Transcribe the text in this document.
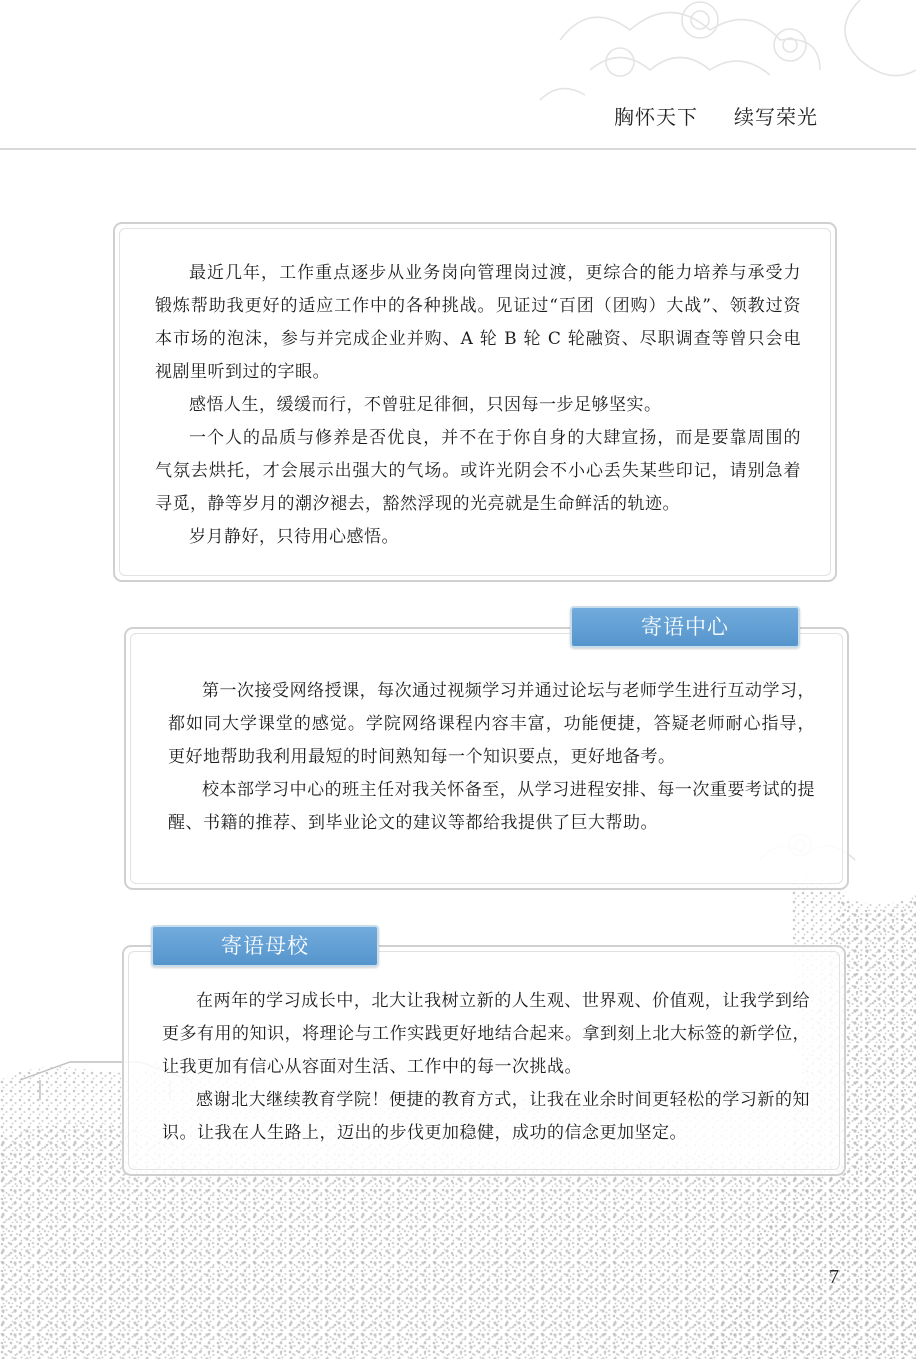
胸怀天下 续写荣光

最近几年，工作重点逐步从业务岗向管理岗过渡，更综合的能力培养与承受力锻炼帮助我更好的适应工作中的各种挑战。见证过“百团（团购）大战”、领教过资本市场的泡沫，参与并完成企业并购、A 轮 B 轮 C 轮融资、尽职调查等曾只会电视剧里听到过的字眼。

感悟人生，缓缓而行，不曾驻足徘徊，只因每一步足够坚实。

一个人的品质与修养是否优良，并不在于你自身的大肆宣扬，而是要靠周围的气氛去烘托，才会展示出强大的气场。或许光阴会不小心丢失某些印记，请别急着寻觅，静等岁月的潮汐褪去，豁然浮现的光亮就是生命鲜活的轨迹。

岁月静好，只待用心感悟。

第一次接受网络授课，每次通过视频学习并通过论坛与老师学生进行互动学习，都如同大学课堂的感觉。学院网络课程内容丰富，功能便捷，答疑老师耐心指导，更好地帮助我利用最短的时间熟知每一个知识要点，更好地备考。

校本部学习中心的班主任对我关怀备至，从学习进程安排、每一次重要考试的提醒、书籍的推荐、到毕业论文的建议等都给我提供了巨大帮助。

寄语中心

在两年的学习成长中，北大让我树立新的人生观、世界观、价值观，让我学到给更多有用的知识，将理论与工作实践更好地结合起来。拿到刻上北大标签的新学位，让我更加有信心从容面对生活、工作中的每一次挑战。

感谢北大继续教育学院！便捷的教育方式，让我在业余时间更轻松的学习新的知识。让我在人生路上，迈出的步伐更加稳健，成功的信念更加坚定。

寄语母校
7
